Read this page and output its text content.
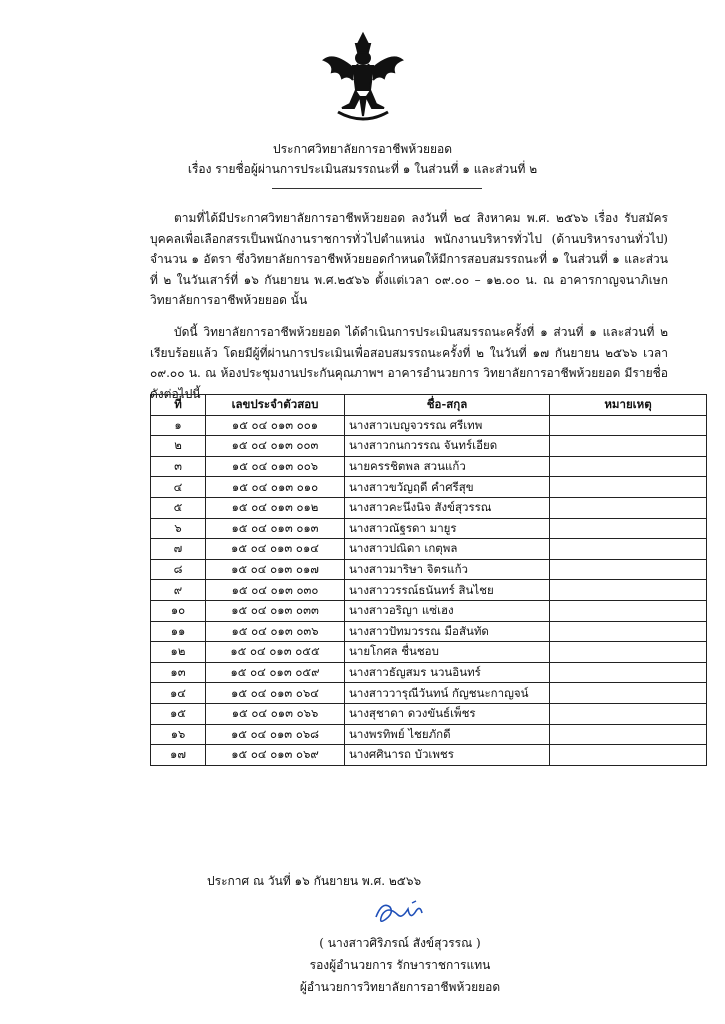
ประกาศวิทยาลัยการอาชีพห้วยยอด
เรื่อง รายชื่อผู้ผ่านการประเมินสมรรถนะที่ ๑ ในส่วนที่ ๑ และส่วนที่ ๒

ตามที่ได้มีประกาศวิทยาลัยการอาชีพห้วยยอด ลงวันที่ ๒๔ สิงหาคม พ.ศ. ๒๕๖๖ เรื่อง รับสมัครบุคคลเพื่อเลือกสรรเป็นพนักงานราชการทั่วไปตำแหน่ง พนักงานบริหารทั่วไป (ด้านบริหารงานทั่วไป) จำนวน ๑ อัตรา ซึ่งวิทยาลัยการอาชีพห้วยยอดกำหนดให้มีการสอบสมรรถนะที่ ๑ ในส่วนที่ ๑ และส่วนที่ ๒ ในวันเสาร์ที่ ๑๖ กันยายน พ.ศ.๒๕๖๖ ตั้งแต่เวลา ๐๙.๐๐ – ๑๒.๐๐ น. ณ อาคารกาญจนาภิเษก วิทยาลัยการอาชีพห้วยยอด นั้น

บัดนี้ วิทยาลัยการอาชีพห้วยยอด ได้ดำเนินการประเมินสมรรถนะครั้งที่ ๑ ส่วนที่ ๑ และส่วนที่ ๒ เรียบร้อยแล้ว โดยมีผู้ที่ผ่านการประเมินเพื่อสอบสมรรถนะครั้งที่ ๒ ในวันที่ ๑๗ กันยายน ๒๕๖๖ เวลา ๐๙.๐๐ น. ณ ห้องประชุมงานประกันคุณภาพฯ อาคารอำนวยการ วิทยาลัยการอาชีพห้วยยอด มีรายชื่อดังต่อไปนี้

ที่	เลขประจำตัวสอบ	ชื่อ-สกุล	หมายเหตุ
๑	๑๕ ๐๔ ๐๑๓ ๐๐๑	นางสาวเบญจวรรณ ศรีเทพ	
๒	๑๕ ๐๔ ๐๑๓ ๐๐๓	นางสาวกนกวรรณ จันทร์เอียด	
๓	๑๕ ๐๔ ๐๑๓ ๐๐๖	นายครรชิตพล สวนแก้ว	
๔	๑๕ ๐๔ ๐๑๓ ๐๑๐	นางสาวขวัญฤดี คำศรีสุข	
๕	๑๕ ๐๔ ๐๑๓ ๐๑๒	นางสาวคะนึงนิจ สังข์สุวรรณ	
๖	๑๕ ๐๔ ๐๑๓ ๐๑๓	นางสาวณัฐรดา มายูร	
๗	๑๕ ๐๔ ๐๑๓ ๐๑๔	นางสาวปณิดา เกตุพล	
๘	๑๕ ๐๔ ๐๑๓ ๐๑๗	นางสาวมาริษา จิตรแก้ว	
๙	๑๕ ๐๔ ๐๑๓ ๐๓๐	นางสาววรรณ์ธนันทร์ สินไชย	
๑๐	๑๕ ๐๔ ๐๑๓ ๐๓๓	นางสาวอริญา แซ่เฮง	
๑๑	๑๕ ๐๔ ๐๑๓ ๐๓๖	นางสาวปัทมวรรณ มือสันทัด	
๑๒	๑๕ ๐๔ ๐๑๓ ๐๕๕	นายโกศล ชื่นชอบ	
๑๓	๑๕ ๐๔ ๐๑๓ ๐๕๙	นางสาวธัญสมร นวนอินทร์	
๑๔	๑๕ ๐๔ ๐๑๓ ๐๖๔	นางสาววารุณีวันทน์ กัญชนะกาญจน์	
๑๕	๑๕ ๐๔ ๐๑๓ ๐๖๖	นางสุชาดา ดวงขันธ์เพ็ชร	
๑๖	๑๕ ๐๔ ๐๑๓ ๐๖๘	นางพรทิพย์ ไชยภักดี	
๑๗	๑๕ ๐๔ ๐๑๓ ๐๖๙	นางศศินารถ บัวเพชร	
ประกาศ ณ วันที่ ๑๖ กันยายน พ.ศ. ๒๕๖๖
( นางสาวศิริภรณ์ สังข์สุวรรณ )
รองผู้อำนวยการ รักษาราชการแทน
ผู้อำนวยการวิทยาลัยการอาชีพห้วยยอด
